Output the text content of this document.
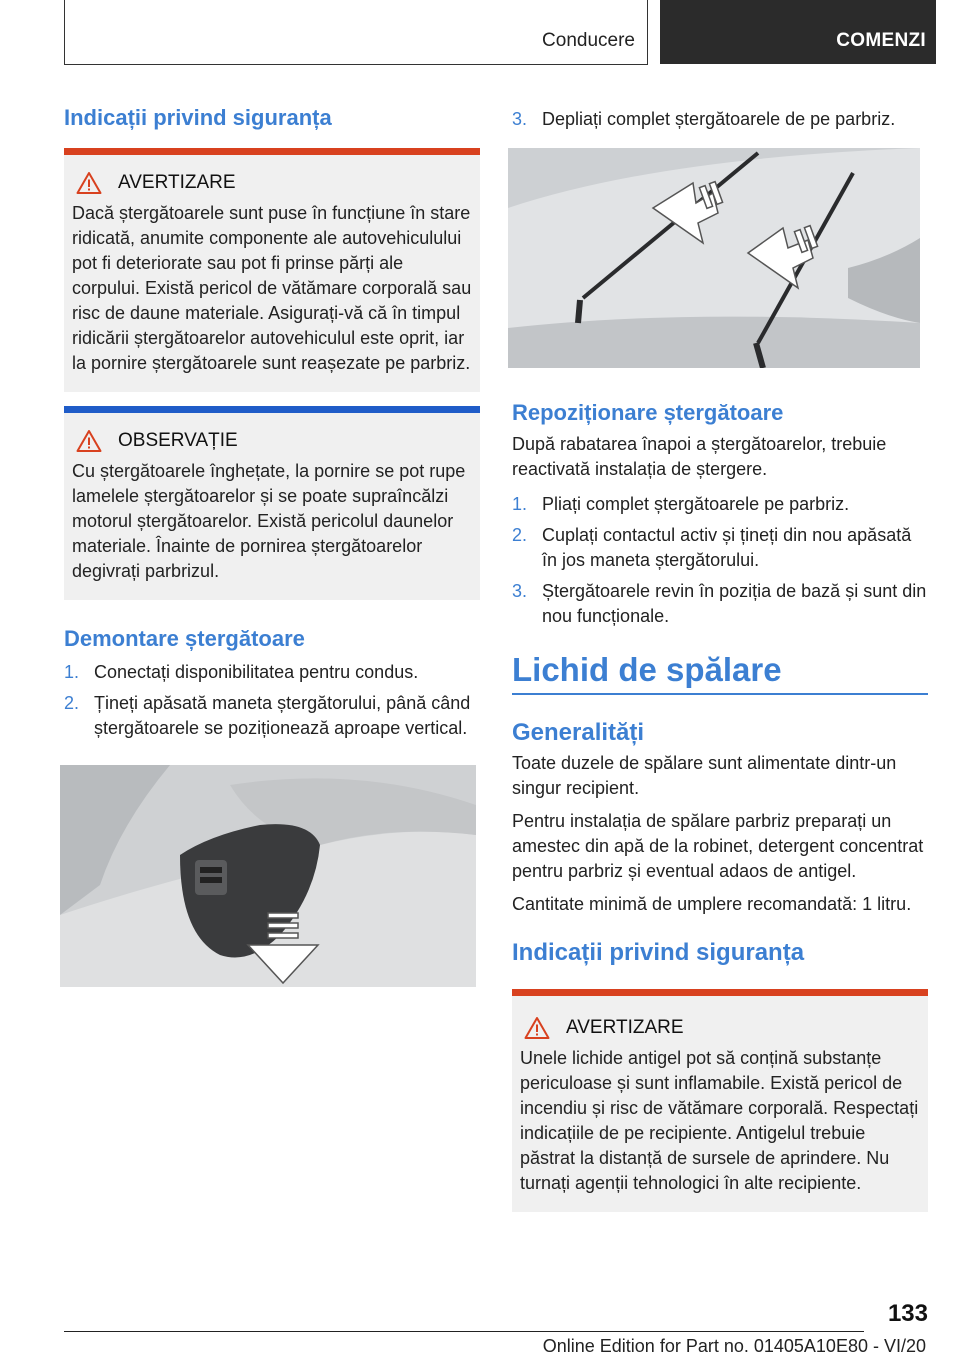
Conducere	COMENZI
Indicații privind siguranța
AVERTIZARE

Dacă ștergătoarele sunt puse în funcțiune în stare ridicată, anumite componente ale autovehiculului pot fi deteriorate sau pot fi prinse părți ale corpului. Există pericol de vătămare corporală sau risc de daune materiale. Asigurați-vă că în timpul ridicării ștergătoarelor autovehiculul este oprit, iar la pornire ștergătoarele sunt reașezate pe parbriz.

OBSERVAȚIE

Cu ștergătoarele înghețate, la pornire se pot rupe lamelele ștergătoarelor și se poate supraîncălzi motorul ștergătoarelor. Există pericolul daunelor materiale. Înainte de pornirea ștergătoarelor degivrați parbrizul.

Demontare ștergătoare
1. Conectați disponibilitatea pentru condus.
2. Țineți apăsată maneta ștergătorului, până când ștergătoarele se poziționează aproape vertical.
3. Depliați complet ștergătoarele de pe parbriz.
Repoziționare ștergătoare

După rabatarea înapoi a ștergătoarelor, trebuie reactivată instalația de ștergere.

1. Pliați complet ștergătoarele pe parbriz.
2. Cuplați contactul activ și țineți din nou apăsată în jos maneta ștergătorului.
3. Ștergătoarele revin în poziția de bază și sunt din nou funcționale.
Lichid de spălare
Generalități

Toate duzele de spălare sunt alimentate dintr-un singur recipient.

Pentru instalația de spălare parbriz preparați un amestec din apă de la robinet, detergent concentrat pentru parbriz și eventual adaos de antigel.

Cantitate minimă de umplere recomandată: 1 litru.

Indicații privind siguranța
AVERTIZARE

Unele lichide antigel pot să conțină substanțe periculoase și sunt inflamabile. Există pericol de incendiu și risc de vătămare corporală. Respectați indicațiile de pe recipiente. Antigelul trebuie păstrat la distanță de sursele de aprindere. Nu turnați agenții tehnologici în alte recipiente.

133
Online Edition for Part no. 01405A10E80 - VI/20
